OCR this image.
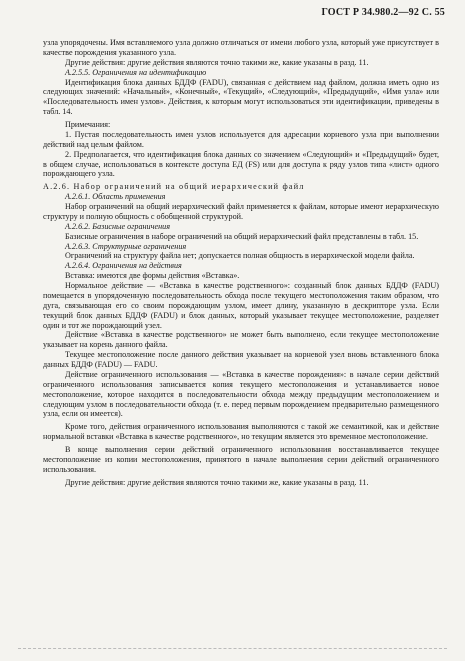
ГОСТ Р 34.980.2—92 С. 55

узла упорядочены. Имя вставляемого узла должно отличаться от имени любого узла, который уже присутствует в качестве порождения указанного узла.

Другие действия: другие действия являются точно такими же, какие указаны в разд. 11.

А.2.5.5. Ограничения на идентификацию

Идентификация блока данных БДДФ (FADU), связанная с действием над файлом, должна иметь одно из следующих значений: «Начальный», «Конечный», «Текущий», «Следующий», «Предыдущий», «Имя узла» или «Последовательность имен узлов». Действия, к которым могут использоваться эти идентификации, приведены в табл. 14.

Примечания:

1. Пустая последовательность имен узлов используется для адресации корневого узла при выполнении действий над целым файлом.

2. Предполагается, что идентификация блока данных со значением «Следующий» и «Предыдущий» будет, в общем случае, использоваться в контексте доступа ЕД (FS) или для доступа к ряду узлов типа «лист» одного порождающего узла.

А.2.6. Набор ограничений на общий иерархический файл

А.2.6.1. Область применения

Набор ограничений на общий иерархический файл применяется к файлам, которые имеют иерархическую структуру и полную общность с обобщенной структурой.

А.2.6.2. Базисные ограничения

Базисные ограничения в наборе ограничений на общий иерархический файл представлены в табл. 15.

А.2.6.3. Структурные ограничения

Ограничений на структуру файла нет; допускается полная общность в иерархической модели файла.

А.2.6.4. Ограничения на действия

Вставка: имеются две формы действия «Вставка».

Нормальное действие — «Вставка в качестве родственного»: созданный блок данных БДДФ (FADU) помещается в упорядоченную последовательность обхода после текущего местоположения таким образом, что дуга, связывающая его со своим порождающим узлом, имеет длину, указанную в дескрипторе узла. Если текущий блок данных БДДФ (FADU) и блок данных, который указывает текущее местоположение, разделяет один и тот же порождающий узел.

Действие «Вставка в качестве родственного» не может быть выполнено, если текущее местоположение указывает на корень данного файла.

Текущее местоположение после данного действия указывает на корневой узел вновь вставленного блока данных БДДФ (FADU) — FADU.

Действие ограниченного использования — «Вставка в качестве порождения»: в начале серии действий ограниченного использования записывается копия текущего местоположения и устанавливается новое местоположение, которое находится в последовательности обхода между предыдущим местоположением и следующим узлом в последовательности обхода (т. е. перед первым порождением предварительно размещенного узла, если он имеется).

Кроме того, действия ограниченного использования выполняются с такой же семантикой, как и действие нормальной вставки «Вставка в качестве родственного», но текущим является это временное местоположение.

В конце выполнения серии действий ограниченного использования восстанавливается текущее местоположение из копии местоположения, принятого в начале выполнения серии действий ограниченного использования.

Другие действия: другие действия являются точно такими же, какие указаны в разд. 11.
